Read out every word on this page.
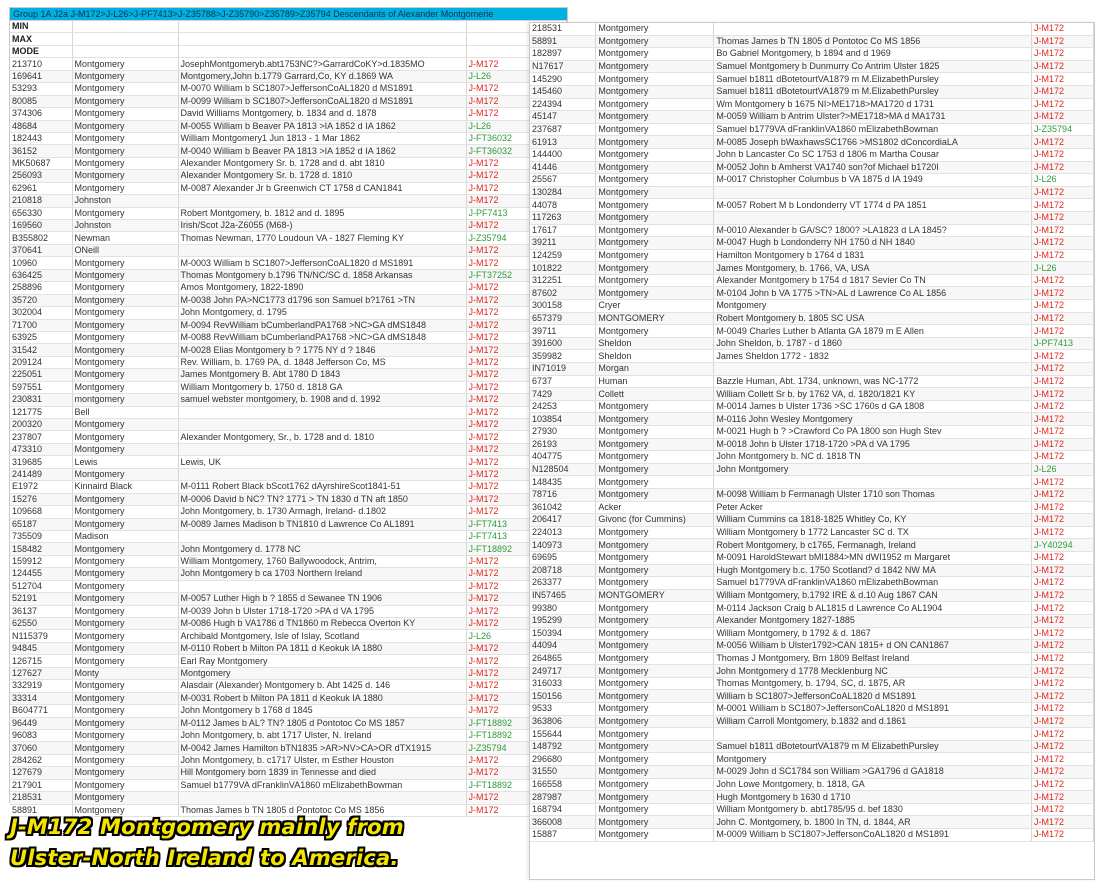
Group 1A J2a J-M172>J-L26>J-PF7413>J-Z35788>J-Z35790>Z35789>Z35794 Descendants of Alexander Montgomerie
MIN			
MAX			
MODE			
213710	Montgomery	JosephMontgomeryb.abt1753NC?>GarrardCoKY>d.1835MO	J-M172
169641	Montgomery	Montgomery,John b.1779 Garrard,Co, KY d.1869 WA	J-L26
53293	Montgomery	M-0070 William b SC1807>JeffersonCoAL1820 d MS1891	J-M172
80085	Montgomery	M-0099 William b SC1807>JeffersonCoAL1820 d MS1891	J-M172
374306	Montgomery	David Williams Montgomery, b. 1834 and d. 1878	J-M172
48684	Montgomery	M-0055 William b Beaver PA 1813 >IA 1852 d IA 1862	J-L26
182443	Montgomery	William Montgomery1 Jun 1813 - 1 Mar 1862	J-FT36032
36152	Montgomery	M-0040 William b Beaver PA 1813 >IA 1852 d IA 1862	J-FT36032
MK50687	Montgomery	Alexander Montgomery Sr. b. 1728 and d. abt 1810	J-M172
256093	Montgomery	Alexander Montgomery Sr. b. 1728 d. 1810	J-M172
62961	Montgomery	M-0087 Alexander Jr b Greenwich CT 1758 d CAN1841	J-M172
210818	Johnston		J-M172
656330	Montgomery	Robert Montgomery, b. 1812 and d. 1895	J-PF7413
169560	Johnston	Irish/Scot J2a-Z6055 (M68-)	J-M172
B355802	Newman	Thomas Newman, 1770 Loudoun VA - 1827 Fleming KY	J-Z35794
370641	ONeill		J-M172
10960	Montgomery	M-0003 William b SC1807>JeffersonCoAL1820 d MS1891	J-M172
636425	Montgomery	Thomas Montgomery b.1796 TN/NC/SC d. 1858 Arkansas	J-FT37252
258896	Montgomery	Amos Montgomery, 1822-1890	J-M172
35720	Montgomery	M-0038 John PA>NC1773 d1796 son Samuel b?1761 >TN	J-M172
302004	Montgomery	John Montgomery, d. 1795	J-M172
71700	Montgomery	M-0094 RevWilliam bCumberlandPA1768 >NC>GA dMS1848	J-M172
63925	Montgomery	M-0088 RevWilliam bCumberlandPA1768 >NC>GA dMS1848	J-M172
31542	Montgomery	M-0028 Elias Montgomery b ? 1775 NY d ? 1846	J-M172
209124	Montgomery	Rev. William, b. 1769 PA, d. 1848 Jefferson Co, MS	J-M172
225051	Montgomery	James Montgomery B. Abt 1780 D 1843	J-M172
597551	Montgomery	William Montgomery b. 1750 d. 1818 GA	J-M172
230831	montgomery	samuel webster montgomery, b. 1908 and d. 1992	J-M172
121775	Bell		J-M172
200320	Montgomery		J-M172
237807	Montgomery	Alexander Montgomery, Sr., b. 1728 and d. 1810	J-M172
473310	Montgomery		J-M172
319685	Lewis	Lewis, UK	J-M172
241489	Montgomery		J-M172
E1972	Kinnaird Black	M-0111 Robert Black bScot1762 dAyrshireScot1841-51	J-M172
15276	Montgomery	M-0006 David b NC? TN? 1771 > TN 1830 d TN aft 1850	J-M172
109668	Montgomery	John Montgomery, b. 1730 Armagh, Ireland- d.1802	J-M172
65187	Montgomery	M-0089 James Madison b TN1810 d Lawrence Co AL1891	J-FT7413
735509	Madison		J-FT7413
158482	Montgomery	John Montgomery d. 1778 NC	J-FT18892
159912	Montgomery	William Montgomery, 1760 Ballywoodock, Antrim,	J-M172
124455	Montgomery	John Montgomery b ca 1703 Northern Ireland	J-M172
512704	Montgomery		J-M172
52191	Montgomery	M-0057 Luther High b ? 1855 d Sewanee TN 1906	J-M172
36137	Montgomery	M-0039 John b Ulster 1718-1720 >PA d VA 1795	J-M172
62550	Montgomery	M-0086 Hugh b VA1786 d TN1860 m Rebecca Overton KY	J-M172
N115379	Montgomery	Archibald Montgomery, Isle of Islay, Scotland	J-L26
94845	Montgomery	M-0110 Robert b Milton PA 1811 d Keokuk IA 1880	J-M172
126715	Montgomery	Earl Ray Montgomery	J-M172
127627	Monty	Montgomery	J-M172
332919	Montgomery	Alasdair (Alexander) Montgomery b. Abt 1425 d. 146	J-M172
33314	Montgomery	M-0031 Robert b Milton PA 1811 d Keokuk IA 1880	J-M172
B604771	Montgomery	John Montgomery b 1768 d 1845	J-M172
96449	Montgomery	M-0112 James b AL? TN? 1805 d Pontotoc Co MS 1857	J-FT18892
96083	Montgomery	John Montgomery, b. abt 1717 Ulster, N. Ireland	J-FT18892
37060	Montgomery	M-0042 James Hamilton bTN1835 >AR>NV>CA>OR dTX1915	J-Z35794
284262	Montgomery	John Montgomery, b. c1717 Ulster, m Esther Houston	J-M172
127679	Montgomery	Hill Montgomery born 1839 in Tennesse and died	J-M172
217901	Montgomery	Samuel b1779VA dFranklinVA1860 mElizabethBowman	J-FT18892
218531	Montgomery		J-M172
58891	Montgomery	Thomas James b TN 1805 d Pontotoc Co MS 1856	J-M172
218531	Montgomery		J-M172
58891	Montgomery	Thomas James b TN 1805 d Pontotoc Co MS 1856	J-M172
182897	Montgomery	Bo Gabriel Montgomery, b 1894 and d 1969	J-M172
N17617	Montgomery	Samuel Montgomery b Dunmurry Co Antrim Ulster 1825	J-M172
145290	Montgomery	Samuel b1811 dBotetourtVA1879 m M.ElizabethPursley	J-M172
145460	Montgomery	Samuel b1811 dBotetourtVA1879 m M.ElizabethPursley	J-M172
224394	Montgomery	Wm Montgomery b 1675 NI>ME1718>MA1720 d 1731	J-M172
45147	Montgomery	M-0059 William b Antrim Ulster?>ME1718>MA d MA1731	J-M172
237687	Montgomery	Samuel b1779VA dFranklinVA1860 mElizabethBowman	J-Z35794
61913	Montgomery	M-0085 Joseph bWaxhawsSC1766 >MS1802 dConcordiaLA	J-M172
144400	Montgomery	John b Lancaster Co SC 1753 d 1806 m Martha Cousar	J-M172
41446	Montgomery	M-0052 John b Amherst VA1740 son?of Michael b1720I	J-M172
25567	Montgomery	M-0017 Christopher Columbus b VA 1875 d IA 1949	J-L26
130284	Montgomery		J-M172
44078	Montgomery	M-0057 Robert M b Londonderry VT 1774 d PA 1851	J-M172
117263	Montgomery		J-M172
17617	Montgomery	M-0010 Alexander b GA/SC? 1800? >LA1823 d LA 1845?	J-M172
39211	Montgomery	M-0047 Hugh b Londonderry NH 1750 d NH 1840	J-M172
124259	Montgomery	Hamilton Montgomery b 1764 d 1831	J-M172
101822	Montgomery	James Montgomery, b. 1766, VA, USA	J-L26
312251	Montgomery	Alexander Montgomery b 1754 d 1817 Sevier Co TN	J-M172
87602	Montgomery	M-0104 John b VA 1775 >TN>AL d Lawrence Co AL 1856	J-M172
300158	Cryer	Montgomery	J-M172
657379	MONTGOMERY	Robert Montgomery b. 1805 SC USA	J-M172
39711	Montgomery	M-0049 Charles Luther b Atlanta GA 1879 m E Allen	J-M172
391600	Sheldon	John Sheldon, b. 1787 - d 1860	J-PF7413
359982	Sheldon	James Sheldon 1772 - 1832	J-M172
IN71019	Morgan		J-M172
6737	Human	Bazzle Human, Abt. 1734, unknown, was NC-1772	J-M172
7429	Collett	William Collett Sr b. by 1762 VA, d. 1820/1821 KY	J-M172
24253	Montgomery	M-0014 James b Ulster 1736 >SC 1760s d GA 1808	J-M172
103854	Montgomery	M-0116 John Wesley Montgomery	J-M172
27930	Montgomery	M-0021 Hugh b ? >Crawford Co PA 1800 son Hugh Stev	J-M172
26193	Montgomery	M-0018 John b Ulster 1718-1720 >PA d VA 1795	J-M172
404775	Montgomery	John Montgomery b. NC d. 1818 TN	J-M172
N128504	Montgomery	John Montgomery	J-L26
148435	Montgomery		J-M172
78716	Montgomery	M-0098 William b Fermanagh Ulster 1710 son Thomas	J-M172
361042	Acker	Peter Acker	J-M172
206417	Givonc (for Cummins)	William Cummins ca 1818-1825 Whitley Co, KY	J-M172
224013	Montgomery	William Montgomery b 1772 Lancaster SC d. TX	J-M172
140973	Montgomery	Robert Montgomery, b c1765, Fermanagh, Ireland	J-Y40294
69695	Montgomery	M-0091 HaroldStewart bMI1884>MN dWI1952 m Margaret	J-M172
208718	Montgomery	Hugh Montgomery b.c. 1750 Scotland? d 1842 NW MA	J-M172
263377	Montgomery	Samuel b1779VA dFranklinVA1860 mElizabethBowman	J-M172
IN57465	MONTGOMERY	William Montgomery, b.1792 IRE & d.10 Aug 1867 CAN	J-M172
99380	Montgomery	M-0114 Jackson Craig b AL1815 d Lawrence Co AL1904	J-M172
195299	Montgomery	Alexander Montgomery 1827-1885	J-M172
150394	Montgomery	William Montgomery, b 1792 & d. 1867	J-M172
44094	Montgomery	M-0056 William b Ulster1792>CAN 1815+ d ON CAN1867	J-M172
264865	Montgomery	Thomas J Montgomery, Brn 1809 Belfast Ireland	J-M172
249717	Montgomery	John Montgomery d 1778 Mecklenburg NC	J-M172
316033	Montgomery	Thomas Montgomery, b. 1794, SC, d. 1875, AR	J-M172
150156	Montgomery	William b SC1807>JeffersonCoAL1820 d MS1891	J-M172
9533	Montgomery	M-0001 William b SC1807>JeffersonCoAL1820 d MS1891	J-M172
363806	Montgomery	William Carroll Montgomery, b.1832 and d.1861	J-M172
155644	Montgomery		J-M172
148792	Montgomery	Samuel b1811 dBotetourtVA1879 m M ElizabethPursley	J-M172
296680	Montgomery	Montgomery	J-M172
31550	Montgomery	M-0029 John d SC1784 son William >GA1796 d GA1818	J-M172
166558	Montgomery	John Lowe Montgomery, b. 1818, GA	J-M172
287987	Montgomery	Hugh Montgomery b 1630 d 1710	J-M172
168794	Montgomery	William Montgomery b. abt1785/95 d. bef 1830	J-M172
366008	Montgomery	John C. Montgomery, b. 1800 In TN, d. 1844, AR	J-M172
15887	Montgomery	M-0009 William b SC1807>JeffersonCoAL1820 d MS1891	J-M172
J-M172 Montgomery mainly from
Ulster-North Ireland to America.
